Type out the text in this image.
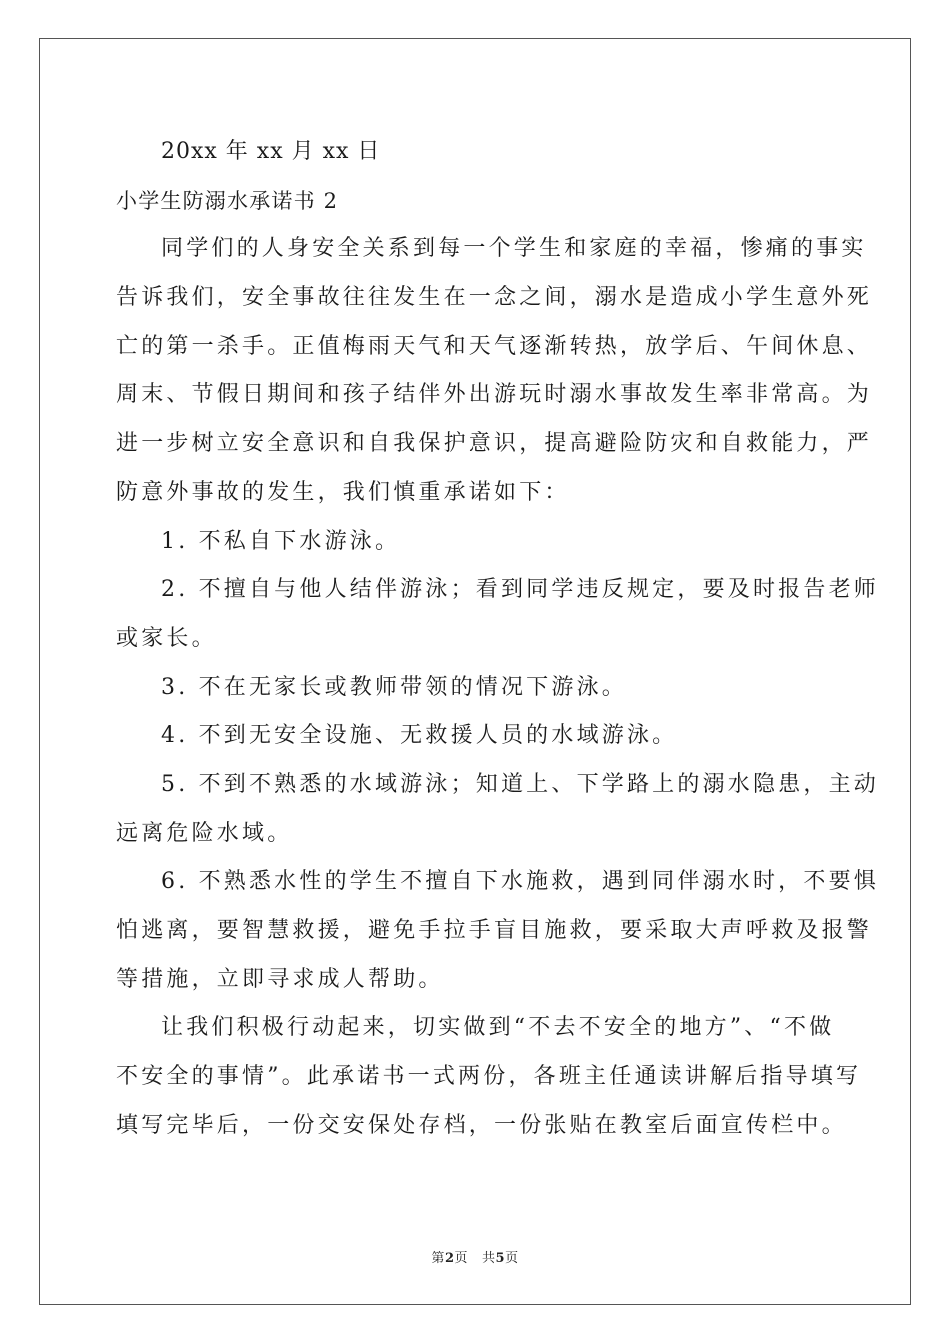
20xx 年 xx 月 xx 日
小学生防溺水承诺书 2
同学们的人身安全关系到每一个学生和家庭的幸福，惨痛的事实
告诉我们，安全事故往往发生在一念之间，溺水是造成小学生意外死
亡的第一杀手。正值梅雨天气和天气逐渐转热，放学后、午间休息、
周末、节假日期间和孩子结伴外出游玩时溺水事故发生率非常高。为
进一步树立安全意识和自我保护意识，提高避险防灾和自救能力，严
防意外事故的发生，我们慎重承诺如下：
1. 不私自下水游泳。
2. 不擅自与他人结伴游泳；看到同学违反规定，要及时报告老师
或家长。
3. 不在无家长或教师带领的情况下游泳。
4. 不到无安全设施、无救援人员的水域游泳。
5. 不到不熟悉的水域游泳；知道上、下学路上的溺水隐患，主动
远离危险水域。
6. 不熟悉水性的学生不擅自下水施救，遇到同伴溺水时，不要惧
怕逃离，要智慧救援，避免手拉手盲目施救，要采取大声呼救及报警
等措施，立即寻求成人帮助。
让我们积极行动起来，切实做到“不去不安全的地方”、“不做
不安全的事情”。此承诺书一式两份，各班主任通读讲解后指导填写
填写完毕后，一份交安保处存档，一份张贴在教室后面宣传栏中。
第2页 共5页
